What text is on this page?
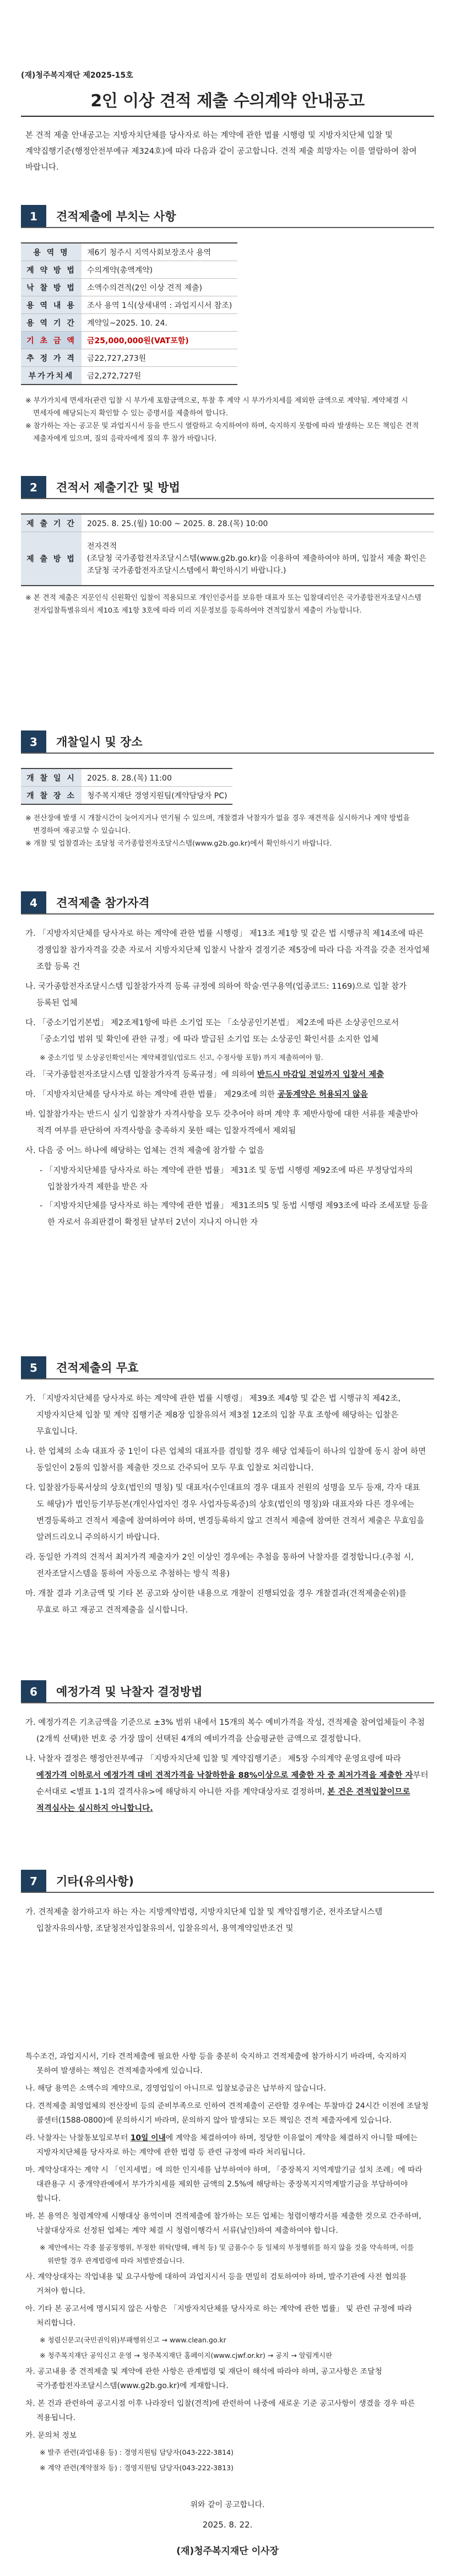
(재)청주복지재단 제2025-15호
2인 이상 견적 제출 수의계약 안내공고
본 견적 제출 안내공고는 지방자치단체를 당사자로 하는 계약에 관한 법률 시행령 및 지방자치단체 입찰 및 계약집행기준(행정안전부예규 제324호)에 따라 다음과 같이 공고합니다. 견적 제출 희망자는 이를 열람하여 참여 바랍니다.
1	견적제출에 부치는 사항
용 역 명	제6기 청주시 지역사회보장조사 용역
계 약 방 법	수의계약(총액계약)
낙 찰 방 법	소액수의견적(2인 이상 견적 제출)
용 역 내 용	조사 용역 1식(상세내역 : 과업지시서 참조)
용 역 기 간	계약일~2025. 10. 24.
기 초 금 액	금25,000,000원(VAT포함)
추 정 가 격	금22,727,273원
부가가치세	금2,272,727원

※ 부가가치세 면세자(관련 입찰 시 부가세 포함금액으로, 투찰 후 계약 시 부가가치세를 제외한 금액으로 계약됨. 계약체결 시 면세자에 해당되는지 확인할 수 있는 증명서를 제출하여 합니다.

※ 참가하는 자는 공고문 및 과업지시서 등을 반드시 열람하고 숙지하여야 하며, 숙지하지 못함에 따라 발생하는 모든 책임은 견적 제출자에게 있으며, 질의 응락자에게 질의 후 참가 바랍니다.

2	견적서 제출기간 및 방법
제 출 기 간	2025. 8. 25.(월) 10:00 ~ 2025. 8. 28.(목) 10:00
제 출 방 법	전자견적
(조달청 국가종합전자조달시스템(www.g2b.go.kr)을 이용하여 제출하여야 하며, 입찰서 제출 확인은 조달청 국가종합전자조달시스템에서 확인하시기 바랍니다.)

※ 본 견적 제출은 지문인식 신원확인 입찰이 적용되므로 개인인증서를 보유한 대표자 또는 입찰대리인은 국가종합전자조달시스템 전자입찰특별유의서 제10조 제1항 3호에 따라 미리 지문정보를 등록하여야 견적입찰서 제출이 가능합니다.

3	개찰일시 및 장소
개 찰 일 시	2025. 8. 28.(목) 11:00
개 찰 장 소	청주복지재단 경영지원팀(계약담당자 PC)

※ 전산장애 발생 시 개찰시간이 늦어지거나 연기될 수 있으며, 개찰결과 낙찰자가 없을 경우 재견적을 실시하거나 계약 방법을 변경하여 재공고할 수 있습니다.

※ 개찰 및 업찰결과는 조달청 국가종합전자조달시스템(www.g2b.go.kr)에서 확인하시기 바랍니다.

4	견적제출 참가자격

가. 「지방자치단체를 당사자로 하는 계약에 관한 법률 시행령」 제13조 제1항 및 같은 법 시행규칙 제14조에 따른 경쟁입찰 참가자격을 갖춘 자로서 지방자치단체 입찰시 낙찰자 결정기준 제5장에 따라 다음 자격을 갖춘 전자업체 조합 등록 건

나. 국가종합전자조달시스템 입찰참가자격 등록 규정에 의하여 학술·연구용역(업종코드: 1169)으로 입찰 참가 등록된 업체

다. 「중소기업기본법」 제2조제1항에 따른 소기업 또는 「소상공인기본법」 제2조에 따른 소상공인으로서 「중소기업 범위 및 확인에 관한 규정」에 따라 발급된 소기업 또는 소상공인 확인서를 소지한 업체

※ 중소기업 및 소상공인확인서는 계약체결일(업로드 신고, 수정사항 포함) 까지 제출하여야 함.

라. 「국가종합전자조달시스템 입찰참가자격 등록규정」에 의하여 반드시 마감일 전일까지 입찰서 제출

마. 「지방자치단체를 당사자로 하는 계약에 관한 법률」 제29조에 의한 공동계약은 허용되지 않음

바. 입찰참가자는 반드시 실기 입찰참가 자격사항을 모두 갖추어야 하며 계약 후 제반사항에 대한 서류를 제출받아 적격 여부를 판단하여 자격사항을 충족하지 못한 때는 입찰자격에서 제외됨

사. 다음 중 어느 하나에 해당하는 업체는 견적 제출에 참가할 수 없음

- 「지방자치단체를 당사자로 하는 계약에 관한 법률」 제31조 및 동법 시행령 제92조에 따른 부정당업자의 입찰참가자격 제한을 받은 자

- 「지방자치단체를 당사자로 하는 계약에 관한 법률」 제31조의5 및 동법 시행령 제93조에 따라 조세포탈 등을 한 자로서 유죄판결이 확정된 날부터 2년이 지나지 아니한 자

5	견적제출의 무효

가. 「지방자치단체를 당사자로 하는 계약에 관한 법률 시행령」 제39조 제4항 및 같은 법 시행규칙 제42조, 지방자치단체 입찰 및 계약 집행기준 제8장 입찰유의서 제3절 12조의 입찰 무효 조항에 해당하는 입찰은 무효입니다.

나. 한 업체의 소속 대표자 중 1인이 다른 업체의 대표자를 겸임할 경우 해당 업체들이 하나의 입찰에 동시 참여 하면 동일인이 2통의 입찰서를 제출한 것으로 간주되어 모두 무효 입찰로 처리합니다.

다. 입찰참가등록서상의 상호(법인의 명칭) 및 대표자(수인대표의 경우 대표자 전원의 성명을 모두 등재, 각자 대표 도 해당)가 법인등기부등본(개인사업자인 경우 사업자등록증)의 상호(법인의 명칭)와 대표자와 다른 경우에는 변경등록하고 견적서 제출에 참여하여야 하며, 변경등록하지 않고 견적서 제출에 참여한 견적서 제출은 무효임을 알려드리오니 주의하시기 바랍니다.

라. 동일한 가격의 견적서 최저가격 제출자가 2인 이상인 경우에는 추첨을 통하여 낙찰자를 결정합니다.(추첨 시, 전자조달시스템을 통하여 자동으로 추첨하는 방식 적용)

마. 개찰 결과 기초금액 및 기타 본 공고와 상이한 내용으로 개찰이 진행되었을 경우 개찰결과(견적제출순위)를 무효로 하고 재공고 견적제출을 실시합니다.

6	예정가격 및 낙찰자 결정방법

가. 예정가격은 기초금액을 기준으로 ±3% 범위 내에서 15개의 복수 예비가격을 작성, 견적제출 참여업체들이 추첨(2개씩 선택)한 번호 중 가장 많이 선택된 4개의 예비가격을 산술평균한 금액으로 결정합니다.

나. 낙찰자 결정은 행정안전부예규 「지방자치단체 입찰 및 계약집행기준」 제5장 수의계약 운영요령에 따라 예정가격 이하로서 예정가격 대비 견적가격을 낙찰하한율 88%이상으로 제출한 자 중 최저가격을 제출한 자부터 순서대로 <별표 1-1의 결격사유>에 해당하지 아니한 자를 계약대상자로 결정하며, 본 건은 견적입찰이므로 적격심사는 실시하지 아니합니다.

7	기타(유의사항)

가. 견적제출 참가하고자 하는 자는 지방계약법령, 지방자치단체 입찰 및 계약집행기준, 전자조달시스템 입찰자유의사항, 조달청전자입찰유의서, 입찰유의서, 용역계약일반조건 및

특수조건, 과업지시서, 기타 견적제출에 필요한 사항 등을 충분히 숙지하고 견적제출에 참가하시기 바라며, 숙지하지 못하여 발생하는 책임은 견적제출자에게 있습니다.

나. 해당 용역은 소액수의 계약으로, 경영업일이 아니므로 입찰보증금은 납부하지 않습니다.

다. 견적제출 최영업체의 전산장비 등의 준비부족으로 인하여 견적제출이 곤란할 경우에는 투찰마감 24시간 이전에 조달청 콜센터(1588-0800)에 문의하시기 바라며, 문의하지 않아 발생되는 모든 책임은 견적 제출자에게 있습니다.

라. 낙찰자는 낙찰통보일로부터 10일 이내에 계약을 체결하여야 하며, 정당한 이유없이 계약을 체결하지 아니할 때에는 지방자치단체를 당사자로 하는 계약에 관한 법령 등 관련 규정에 따라 처리됩니다.

마. 계약상대자는 계약 시 「인지세법」에 의한 인지세를 납부하여야 하며, 「중장복지 지역계발기금 설치 조례」에 따라 대관용구 시 중개약관예에서 부가가치세를 제외한 금액의 2.5%에 해당하는 중장복지지역계발기금을 부담하여야 합니다.

바. 본 용역은 청렴계약제 시행대상 용역이며 견적제출에 참가하는 모든 업체는 청렴이행각서를 제출한 것으로 간주하며, 낙찰대상자로 선정된 업체는 계약 체결 시 청렴이행각서 서류(날인)하여 제출하여야 합니다.

※ 제안에서는 각종 불공정행위, 부정한 위탁(방해, 배척 등) 및 금품수수 등 일체의 부정행위를 하지 않을 것을 약속하며, 이를 위반할 경우 관계법령에 따라 처벌받겠습니다.

사. 계약상대자는 작업내용 및 요구사항에 대하여 과업지시서 등을 면밀히 검토하여야 하며, 발주기관에 사전 협의를 거쳐야 합니다.

아. 기타 본 공고서에 명시되지 않은 사항은 「지방자치단체를 당사자로 하는 계약에 관한 법률」 및 관련 규정에 따라 처리합니다.

※ 청렴신문고(국민권익위)부패행위신고 → www.clean.go.kr

※ 청주복지재단 공익신고 운영 → 청주복지재단 홈페이지(www.cjwf.or.kr) → 공지 → 알림게시판

자. 공고내용 중 견적제출 및 계약에 관한 사항은 관계법령 및 재단이 해석에 따라야 하며, 공고사항은 조달청 국가종합전자조달시스템(www.g2b.go.kr)에 게재합니다.

차. 본 건과 관련하여 공고시점 이후 나라장터 입찰(견적)에 관련하여 나중에 새로운 기준 공고사항이 생겼을 경우 따른 적용됩니다.

카. 문의처 정보

※ 발주 관련(과업내용 등) : 경영지원팀 담당자(043-222-3814)

※ 계약 관련(계약절차 등) : 경영지원팀 담당자(043-222-3813)

위와 같이 공고합니다.
2025. 8. 22.
(재)청주복지재단 이사장
